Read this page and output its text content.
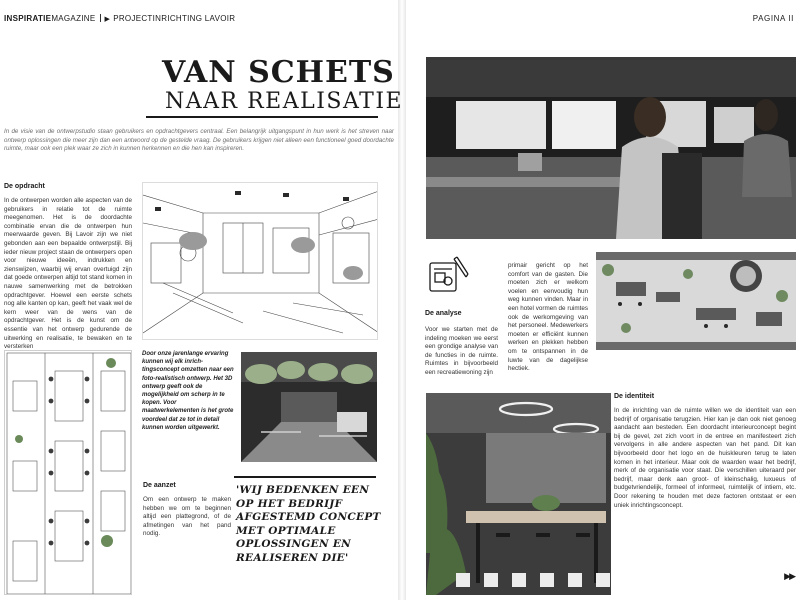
INSPIRATIEMAGAZINE ▶ PROJECTINRICHTING LAVOIR	PAGINA II
VAN SCHETS
NAAR REALISATIE
In de visie van de ontwerpstudio staan gebruikers en opdrachtgevers centraal. Een belangrijk uitgangspunt in hun werk is het streven naar ontwerp oplossingen die meer zijn dan een antwoord op de gestelde vraag. De gebruikers krijgen niet alleen een functioneel goed doordachte ruimte, maar ook een plek waar ze zich in kunnen herkennen en die hen kan inspireren.
De opdracht
In de ontwerpen worden alle aspecten van de gebruikers in relatie tot de ruimte meegenomen. Het is de doordachte combinatie ervan die de ontwerpen hun meerwaarde geven. Bij Lavoir zijn we niet gebonden aan een bepaalde ontwerpstijl. Bij ieder nieuw project staan de ontwerpers open voor nieuwe ideeën, indrukken en zienswijzen, waarbij wij ervan overtuigd zijn dat goede ontwerpen altijd tot stand komen in nauwe samenwerking met de betrokken opdrachtgever. Hoewel een eerste schets nog alle kanten op kan, geeft het vaak wel de kern weer van de wens van de opdrachtgever. Het is de kunst om de essentie van het ontwerp gedurende de uitwerking en realisatie, te bewaken en te versterken
Door onze jarenlange ervaring kunnen wij elk inrich-tingsconcept omzetten naar een foto-realistisch ontwerp. Het 3D ontwerp geeft ook de mogelijkheid om scherp in te kopen. Voor maatwerkelementen is het grote voordeel dat ze tot in detail kunnen worden uitgewerkt.
De aanzet
Om een ontwerp te maken hebben we om te beginnen altijd een plattegrond, of de afmetingen van het pand nodig.
'WIJ BEDENKEN EEN OP HET BEDRIJF AFGESTEMD CONCEPT MET OPTIMALE OPLOSSINGEN EN REALISEREN DIE'
De analyse
Voor we starten met de indeling moeken we eerst een grondige analyse van de functies in de ruimte. Ruimtes in bijvoorbeeld een recreatiewoning zijn
primair gericht op het comfort van de gasten. Die moeten zich er welkom voelen en eenvoudig hun weg kunnen vinden. Maar in een hotel vormen de ruimtes ook de werkomgeving van het personeel. Medewerkers moeten er efficiënt kunnen werken en plekken hebben om te ontspannen in de luwte van de dagelijkse hectiek.
De identiteit
In de inrichting van de ruimte willen we de identiteit van een bedrijf of organisatie terugzien. Hier kan je dan ook niet genoeg aandacht aan besteden. Een doordacht interieurconcept begint bij de gevel, zet zich voort in de entree en manifesteert zich vervolgens in alle andere aspecten van het pand. Dit kan bijvoorbeeld door het logo en de huiskleuren terug te laten komen in het interieur. Maar ook de waarden waar het bedrijf, merk of de organisatie voor staat. Die verschillen uiteraard per bedrijf, maar denk aan groot- of kleinschalig, luxueus of budgetvriendelijk, formeel of informeel, ruimtelijk of intiem, etc. Door rekening te houden met deze factoren ontstaat er een uniek inrichtingsconcept.
▶▶
